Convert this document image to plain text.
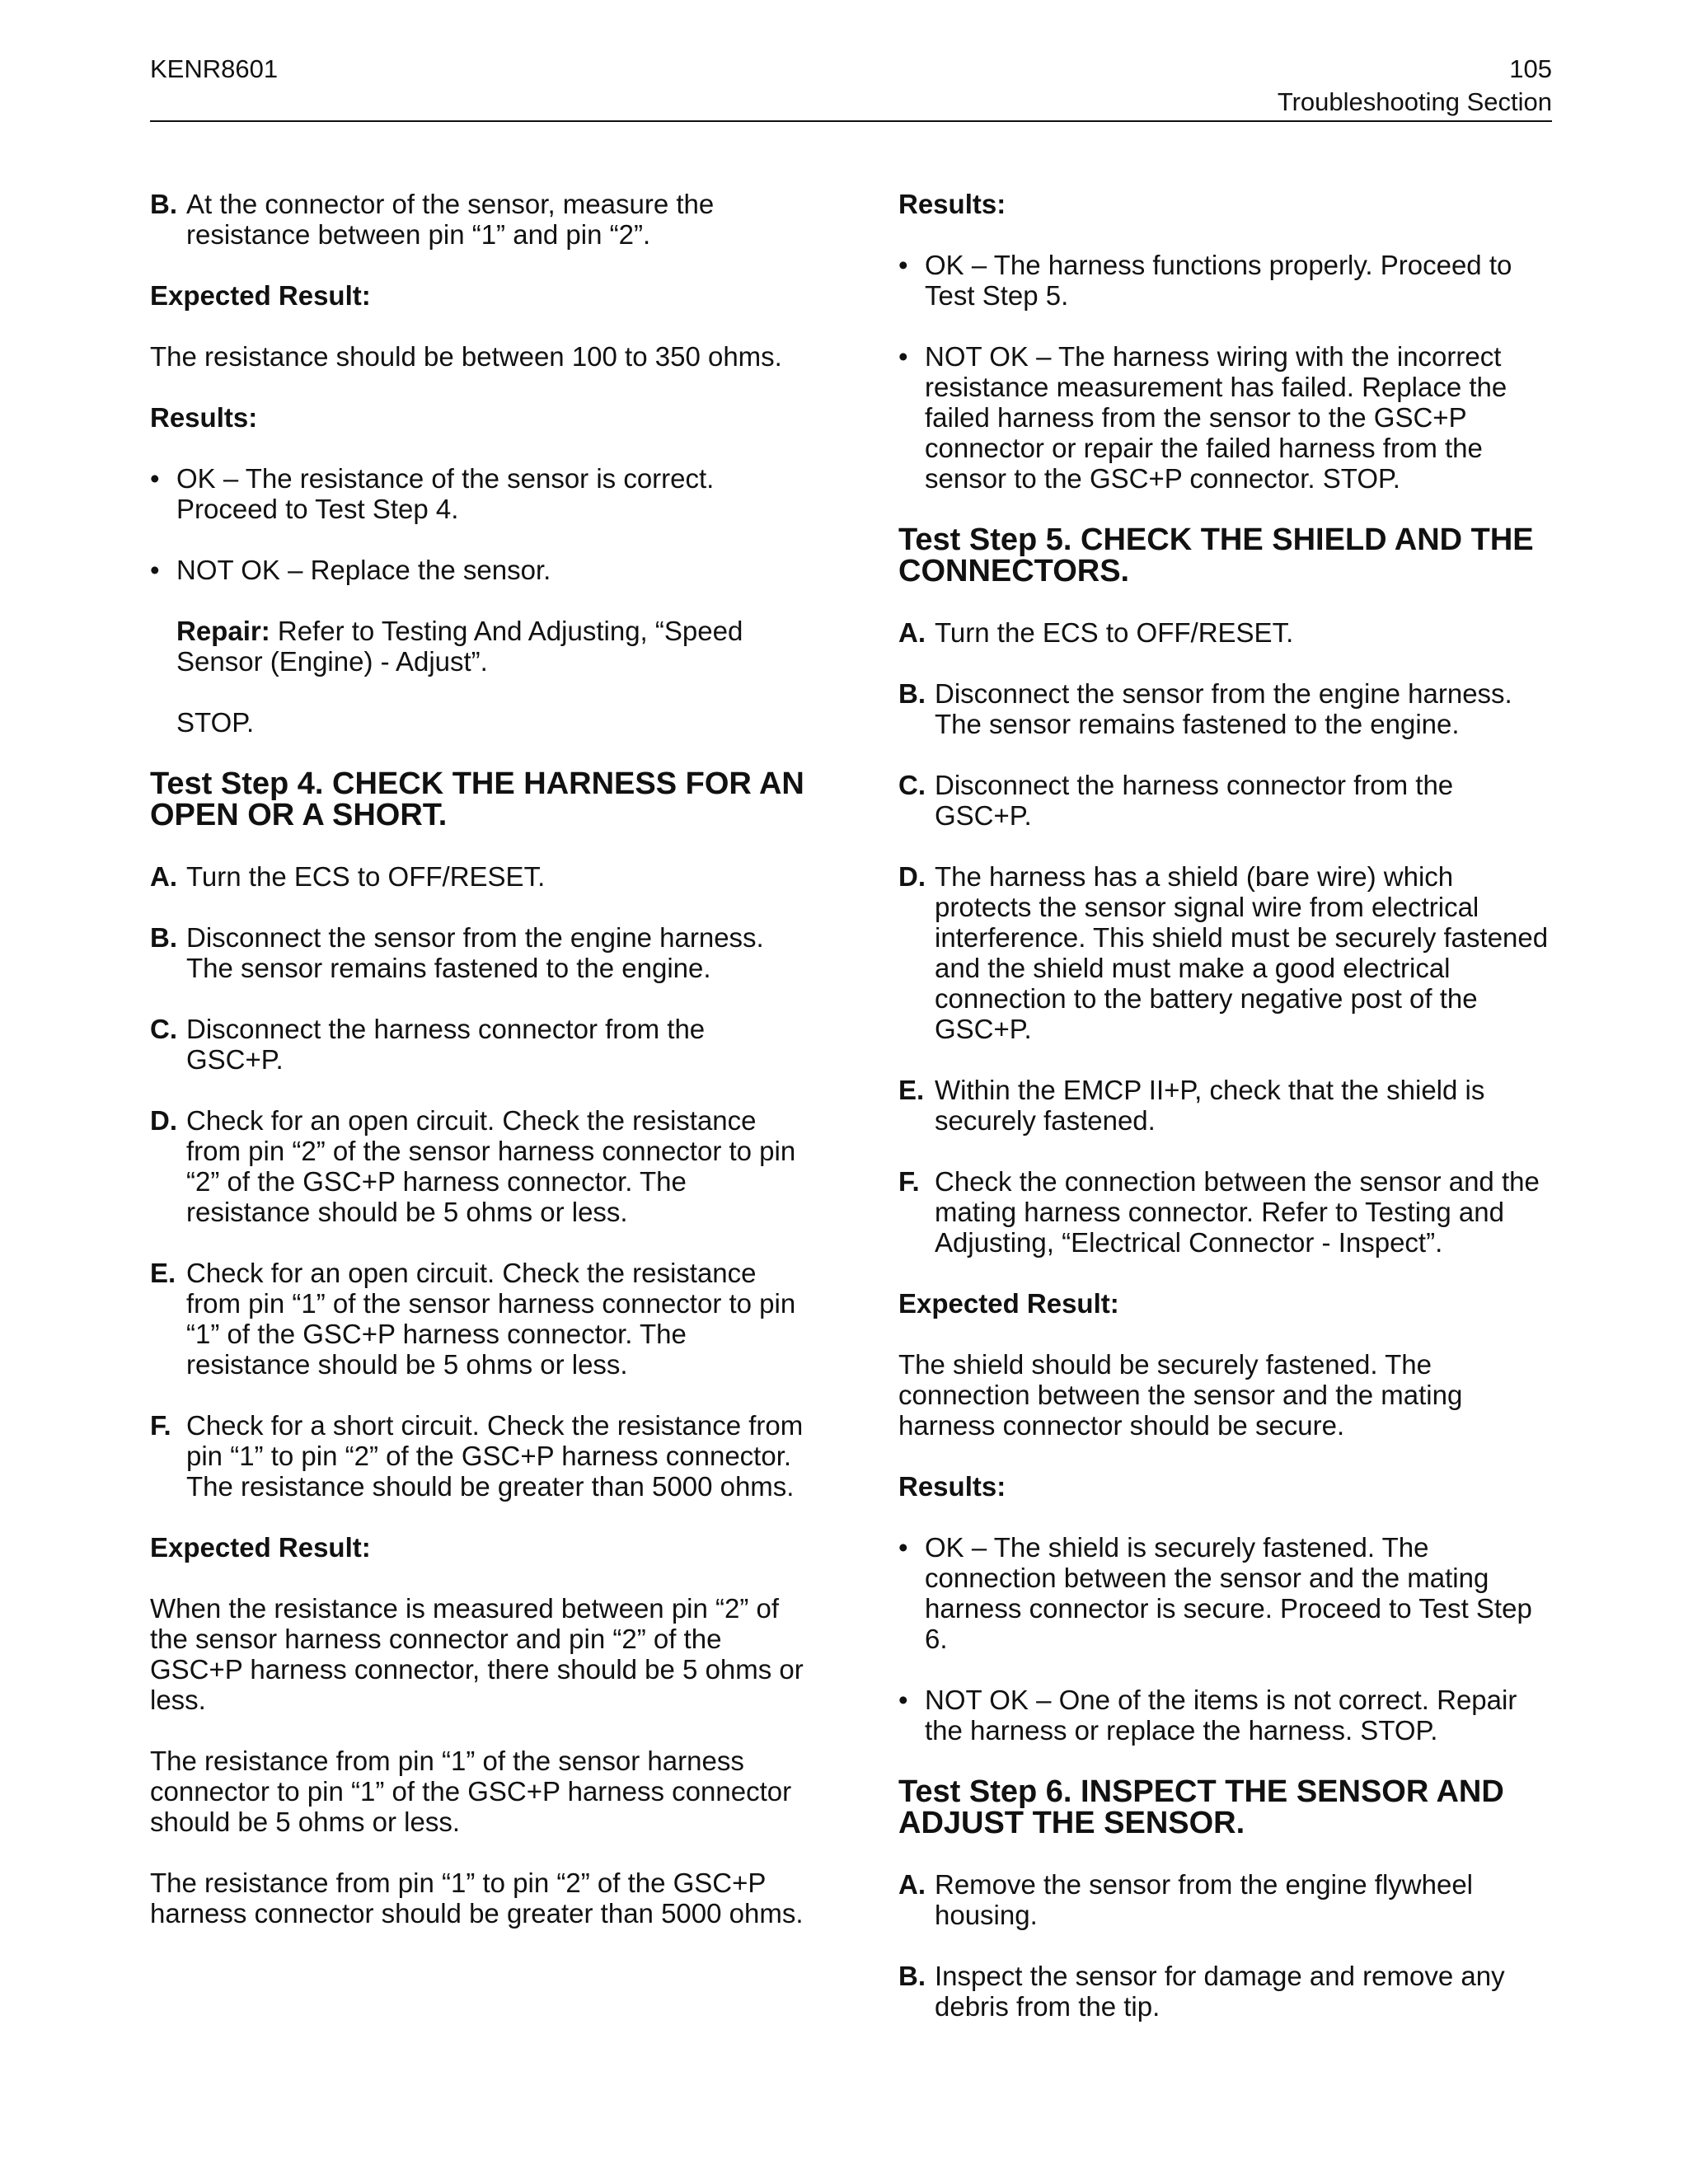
KENR8601	105
Troubleshooting Section
B. At the connector of the sensor, measure the resistance between pin “1” and pin “2”.
Expected Result:
The resistance should be between 100 to 350 ohms.
Results:
• OK – The resistance of the sensor is correct. Proceed to Test Step 4.
• NOT OK – Replace the sensor.
Repair: Refer to Testing And Adjusting, “Speed Sensor (Engine) - Adjust”.
STOP.
Test Step 4. CHECK THE HARNESS FOR AN OPEN OR A SHORT.
A. Turn the ECS to OFF/RESET.
B. Disconnect the sensor from the engine harness. The sensor remains fastened to the engine.
C. Disconnect the harness connector from the GSC+P.
D. Check for an open circuit. Check the resistance from pin “2” of the sensor harness connector to pin “2” of the GSC+P harness connector. The resistance should be 5 ohms or less.
E. Check for an open circuit. Check the resistance from pin “1” of the sensor harness connector to pin “1” of the GSC+P harness connector. The resistance should be 5 ohms or less.
F. Check for a short circuit. Check the resistance from pin “1” to pin “2” of the GSC+P harness connector. The resistance should be greater than 5000 ohms.
Expected Result:
When the resistance is measured between pin “2” of the sensor harness connector and pin “2” of the GSC+P harness connector, there should be 5 ohms or less.
The resistance from pin “1” of the sensor harness connector to pin “1” of the GSC+P harness connector should be 5 ohms or less.
The resistance from pin “1” to pin “2” of the GSC+P harness connector should be greater than 5000 ohms.
Results:
• OK – The harness functions properly. Proceed to Test Step 5.
• NOT OK – The harness wiring with the incorrect resistance measurement has failed. Replace the failed harness from the sensor to the GSC+P connector or repair the failed harness from the sensor to the GSC+P connector. STOP.
Test Step 5. CHECK THE SHIELD AND THE CONNECTORS.
A. Turn the ECS to OFF/RESET.
B. Disconnect the sensor from the engine harness. The sensor remains fastened to the engine.
C. Disconnect the harness connector from the GSC+P.
D. The harness has a shield (bare wire) which protects the sensor signal wire from electrical interference. This shield must be securely fastened and the shield must make a good electrical connection to the battery negative post of the GSC+P.
E. Within the EMCP II+P, check that the shield is securely fastened.
F. Check the connection between the sensor and the mating harness connector. Refer to Testing and Adjusting, “Electrical Connector - Inspect”.
Expected Result:
The shield should be securely fastened. The connection between the sensor and the mating harness connector should be secure.
Results:
• OK – The shield is securely fastened. The connection between the sensor and the mating harness connector is secure. Proceed to Test Step 6.
• NOT OK – One of the items is not correct. Repair the harness or replace the harness. STOP.
Test Step 6. INSPECT THE SENSOR AND ADJUST THE SENSOR.
A. Remove the sensor from the engine flywheel housing.
B. Inspect the sensor for damage and remove any debris from the tip.
